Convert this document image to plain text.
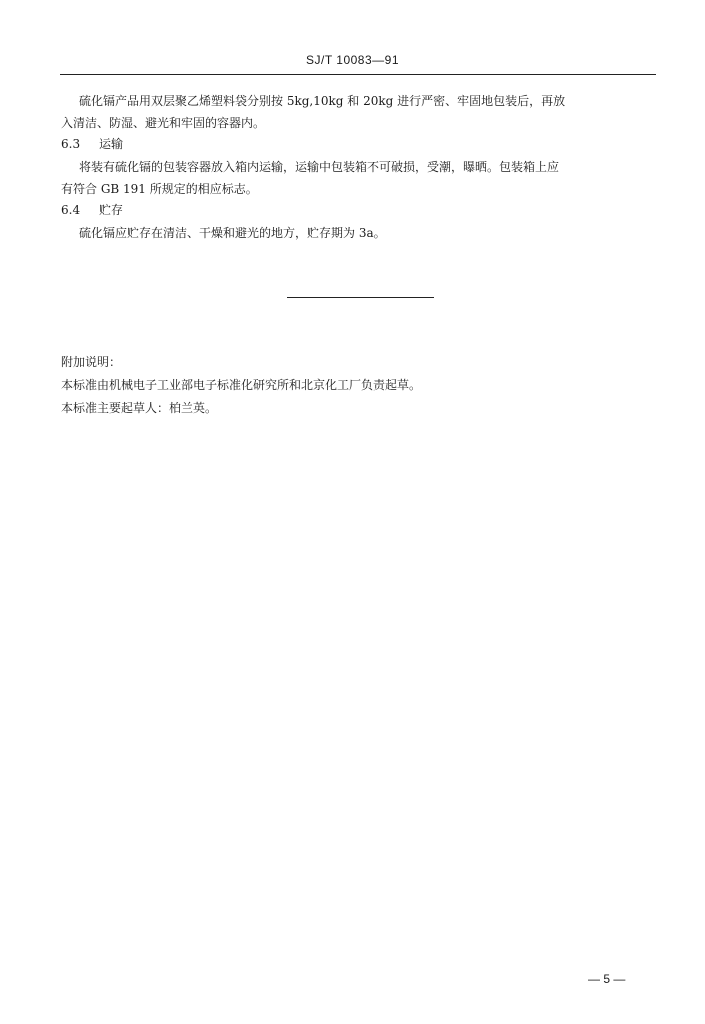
SJ/T 10083—91
硫化镉产品用双层聚乙烯塑料袋分别按 5kg,10kg 和 20kg 进行严密、牢固地包装后，再放
入清洁、防湿、避光和牢固的容器内。
6.3 运输
将装有硫化镉的包装容器放入箱内运输，运输中包装箱不可破损，受潮，曝晒。包装箱上应
有符合 GB 191 所规定的相应标志。
6.4 贮存
硫化镉应贮存在清洁、干燥和避光的地方，贮存期为 3a。
附加说明：
本标准由机械电子工业部电子标准化研究所和北京化工厂负责起草。
本标准主要起草人：柏兰英。
— 5 —
